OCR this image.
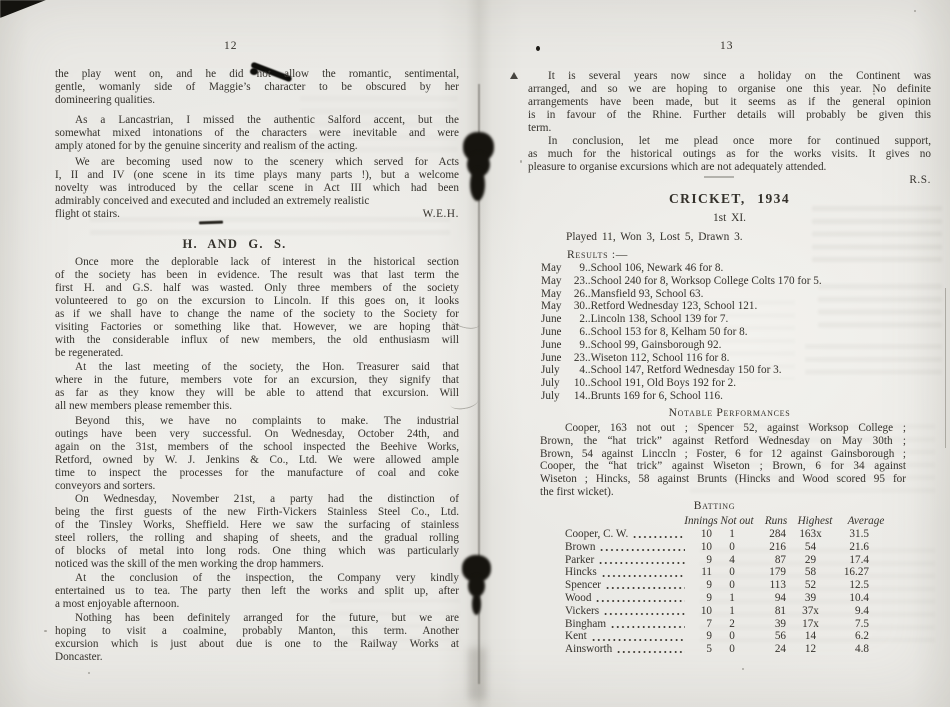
12	13
the play went on, and he did not allow the romantic, sentimental,
gentle, womanly side of Maggie’s character to be obscured by her
domineering qualities.
As a Lancastrian, I missed the authentic Salford accent, but the
somewhat mixed intonations of the characters were inevitable and were
amply atoned for by the genuine sincerity and realism of the acting.
We are becoming used now to the scenery which served for Acts
I, II and IV (one scene in its time plays many parts !), but a welcome
novelty was introduced by the cellar scene in Act III which had been
admirably conceived and executed and included an extremely realistic
flight ot stairs.	W.E.H.
H. AND G. S.
Once more the deplorable lack of interest in the historical section
of the society has been in evidence. The result was that last term the
first H. and G.S. half was wasted. Only three members of the society
volunteered to go on the excursion to Lincoln. If this goes on, it looks
as if we shall have to change the name of the society to the Society for
visiting Factories or something like that. However, we are hoping that
with the considerable influx of new members, the old enthusiasm will
be regenerated.
At the last meeting of the society, the Hon. Treasurer said that
where in the future, members vote for an excursion, they signify that
as far as they know they will be able to attend that excursion. Will
all new members please remember this.
Beyond this, we have no complaints to make. The industrial
outings have been very successful. On Wednesday, October 24th, and
again on the 31st, members of the school inspected the Beehive Works,
Retford, owned by W. J. Jenkins & Co., Ltd. We were allowed ample
time to inspect the processes for the manufacture of coal and coke
conveyors and sorters.
On Wednesday, November 21st, a party had the distinction of
being the first guests of the new Firth-Vickers Stainless Steel Co., Ltd.
of the Tinsley Works, Sheffield. Here we saw the surfacing of stainless
steel rollers, the rolling and shaping of sheets, and the gradual rolling
of blocks of metal into long rods. One thing which was particularly
noticed was the skill of the men working the drop hammers.
At the conclusion of the inspection, the Company very kindly
entertained us to tea. The party then left the works and split up, after
a most enjoyable afternoon.
Nothing has been definitely arranged for the future, but we are
hoping to visit a coalmine, probably Manton, this term. Another
excursion which is just about due is one to the Railway Works at
Doncaster.
It is several years now since a holiday on the Continent was
arranged, and so we are hoping to organise one this year. No definite
arrangements have been made, but it seems as if the general opinion
is in favour of the Rhine. Further details will probably be given this
term.
In conclusion, let me plead once more for continued support,
as much for the historical outings as for the works visits. It gives no
pleasure to organise excursions which are not adequately attended.
R.S.
CRICKET, 1934
1st XI.
Played 11, Won 3, Lost 5, Drawn 3.
Results :—
May	9 ..School 106, Newark 46 for 8.
May	23 ..School 240 for 8, Worksop College Colts 170 for 5.
May	26 ..Mansfield 93, School 63.
May	30 ..Retford Wednesday 123, School 121.
June	2 ..Lincoln 138, School 139 for 7.
June	6 ..School 153 for 8, Kelham 50 for 8.
June	9 ..School 99, Gainsborough 92.
June	23 ..Wiseton 112, School 116 for 8.
July	4 ..School 147, Retford Wednesday 150 for 3.
July	10 ..School 191, Old Boys 192 for 2.
July	14 ..Brunts 169 for 6, School 116.
Notable Performances
Cooper, 163 not out ; Spencer 52, against Worksop College ;
Brown, the “hat trick” against Retford Wednesday on May 30th ;
Brown, 54 against Linccln ; Foster, 6 for 12 against Gainsborough ;
Cooper, the “hat trick” against Wiseton ; Brown, 6 for 34 against
Wiseton ; Hincks, 58 against Brunts (Hincks and Wood scored 95 for
the first wicket).
Batting
Innings Not out Runs Highest Average
Cooper, C. W.	10	1	284	163x	31.5
Brown	10	0	216	54	21.6
Parker	9	4	87	29	17.4
Hincks	11	0	179	58	16.27
Spencer	9	0	113	52	12.5
Wood	9	1	94	39	10.4
Vickers	10	1	81	37x	9.4
Bingham	7	2	39	17x	7.5
Kent	9	0	56	14	6.2
Ainsworth	5	0	24	12	4.8
